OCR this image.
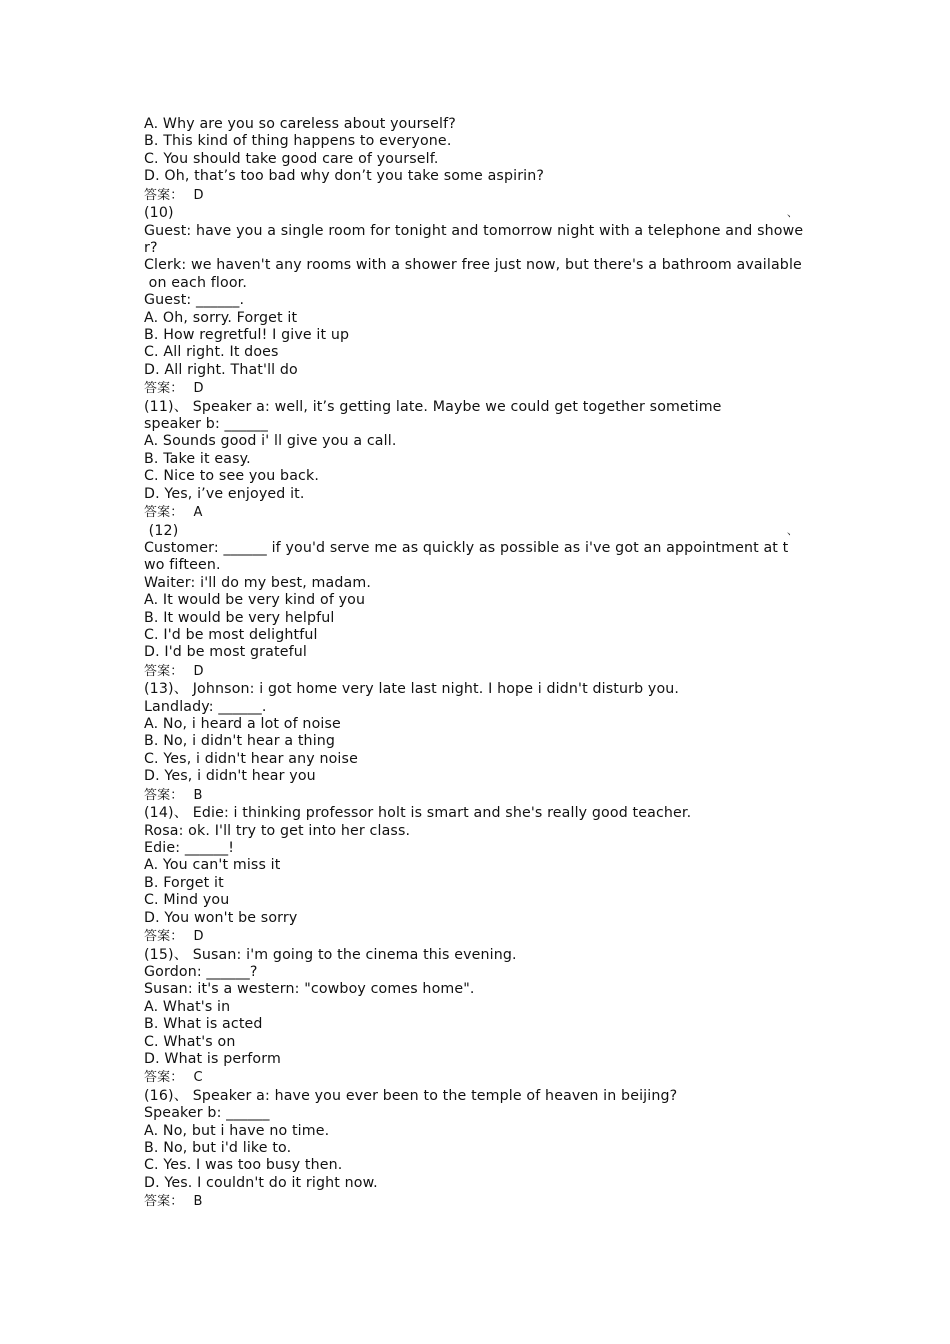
A. Why are you so careless about yourself?
B. This kind of thing happens to everyone.
C. You should take good care of yourself.
D. Oh, that’s too bad why don’t you take some aspirin?
答案： D
(10)	、
Guest: have you a single room for tonight and tomorrow night with a telephone and showe
r?
Clerk: we haven't any rooms with a shower free just now, but there's a bathroom available
on each floor.
Guest: ______.
A. Oh, sorry. Forget it
B. How regretful! I give it up
C. All right. It does
D. All right. That'll do
答案： D
(11)、 Speaker a: well, it’s getting late. Maybe we could get together sometime
speaker b: ______
A. Sounds good i' ll give you a call.
B. Take it easy.
C. Nice to see you back.
D. Yes, i’ve enjoyed it.
答案： A
(12)	、
Customer: ______ if you'd serve me as quickly as possible as i've got an appointment at t
wo fifteen.
Waiter: i'll do my best, madam.
A. It would be very kind of you
B. It would be very helpful
C. I'd be most delightful
D. I'd be most grateful
答案： D
(13)、 Johnson: i got home very late last night. I hope i didn't disturb you.
Landlady: ______.
A. No, i heard a lot of noise
B. No, i didn't hear a thing
C. Yes, i didn't hear any noise
D. Yes, i didn't hear you
答案： B
(14)、 Edie: i thinking professor holt is smart and she's really good teacher.
Rosa: ok. I'll try to get into her class.
Edie: ______!
A. You can't miss it
B. Forget it
C. Mind you
D. You won't be sorry
答案： D
(15)、 Susan: i'm going to the cinema this evening.
Gordon: ______?
Susan: it's a western: "cowboy comes home".
A. What's in
B. What is acted
C. What's on
D. What is perform
答案： C
(16)、 Speaker a: have you ever been to the temple of heaven in beijing?
Speaker b: ______
A. No, but i have no time.
B. No, but i'd like to.
C. Yes. I was too busy then.
D. Yes. I couldn't do it right now.
答案： B
